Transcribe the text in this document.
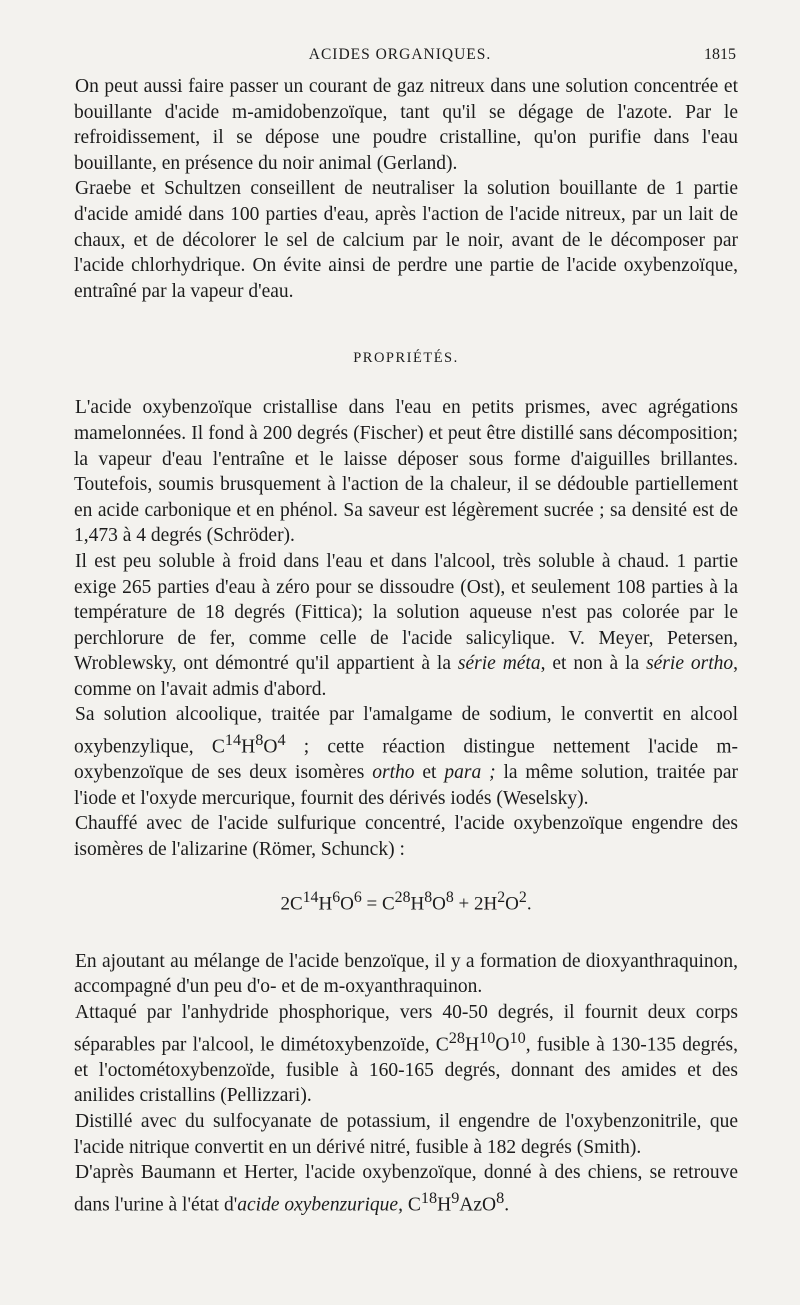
ACIDES ORGANIQUES.	1815

On peut aussi faire passer un courant de gaz nitreux dans une solution concentrée et bouillante d'acide m-amidobenzoïque, tant qu'il se dégage de l'azote. Par le refroidissement, il se dépose une poudre cristalline, qu'on purifie dans l'eau bouillante, en présence du noir animal (Gerland).

Graebe et Schultzen conseillent de neutraliser la solution bouillante de 1 partie d'acide amidé dans 100 parties d'eau, après l'action de l'acide nitreux, par un lait de chaux, et de décolorer le sel de calcium par le noir, avant de le décomposer par l'acide chlorhydrique. On évite ainsi de perdre une partie de l'acide oxybenzoïque, entraîné par la vapeur d'eau.

PROPRIÉTÉS.

L'acide oxybenzoïque cristallise dans l'eau en petits prismes, avec agrégations mamelonnées. Il fond à 200 degrés (Fischer) et peut être distillé sans décomposition; la vapeur d'eau l'entraîne et le laisse déposer sous forme d'aiguilles brillantes. Toutefois, soumis brusquement à l'action de la chaleur, il se dédouble partiellement en acide carbonique et en phénol. Sa saveur est légèrement sucrée ; sa densité est de 1,473 à 4 degrés (Schröder).

Il est peu soluble à froid dans l'eau et dans l'alcool, très soluble à chaud. 1 partie exige 265 parties d'eau à zéro pour se dissoudre (Ost), et seulement 108 parties à la température de 18 degrés (Fittica); la solution aqueuse n'est pas colorée par le perchlorure de fer, comme celle de l'acide salicylique. V. Meyer, Petersen, Wroblewsky, ont démontré qu'il appartient à la série méta, et non à la série ortho, comme on l'avait admis d'abord.

Sa solution alcoolique, traitée par l'amalgame de sodium, le convertit en alcool oxybenzylique, $C^{14}H^8O^4$ ; cette réaction distingue nettement l'acide m-oxybenzoïque de ses deux isomères ortho et para ; la même solution, traitée par l'iode et l'oxyde mercurique, fournit des dérivés iodés (Weselsky).

Chauffé avec de l'acide sulfurique concentré, l'acide oxybenzoïque engendre des isomères de l'alizarine (Römer, Schunck) :

$2C^{14}H^6O^6 = C^{28}H^8O^8 + 2H^2O^2$.

En ajoutant au mélange de l'acide benzoïque, il y a formation de dioxyanthraquinon, accompagné d'un peu d'o- et de m-oxyanthraquinon.

Attaqué par l'anhydride phosphorique, vers 40-50 degrés, il fournit deux corps séparables par l'alcool, le dimétoxybenzoïde, $C^{28}H^{10}O^{10}$, fusible à 130-135 degrés, et l'octométoxybenzoïde, fusible à 160-165 degrés, donnant des amides et des anilides cristallins (Pellizzari).

Distillé avec du sulfocyanate de potassium, il engendre de l'oxybenzonitrile, que l'acide nitrique convertit en un dérivé nitré, fusible à 182 degrés (Smith).

D'après Baumann et Herter, l'acide oxybenzoïque, donné à des chiens, se retrouve dans l'urine à l'état d'acide oxybenzurique, $C^{18}H^9AzO^8$.
